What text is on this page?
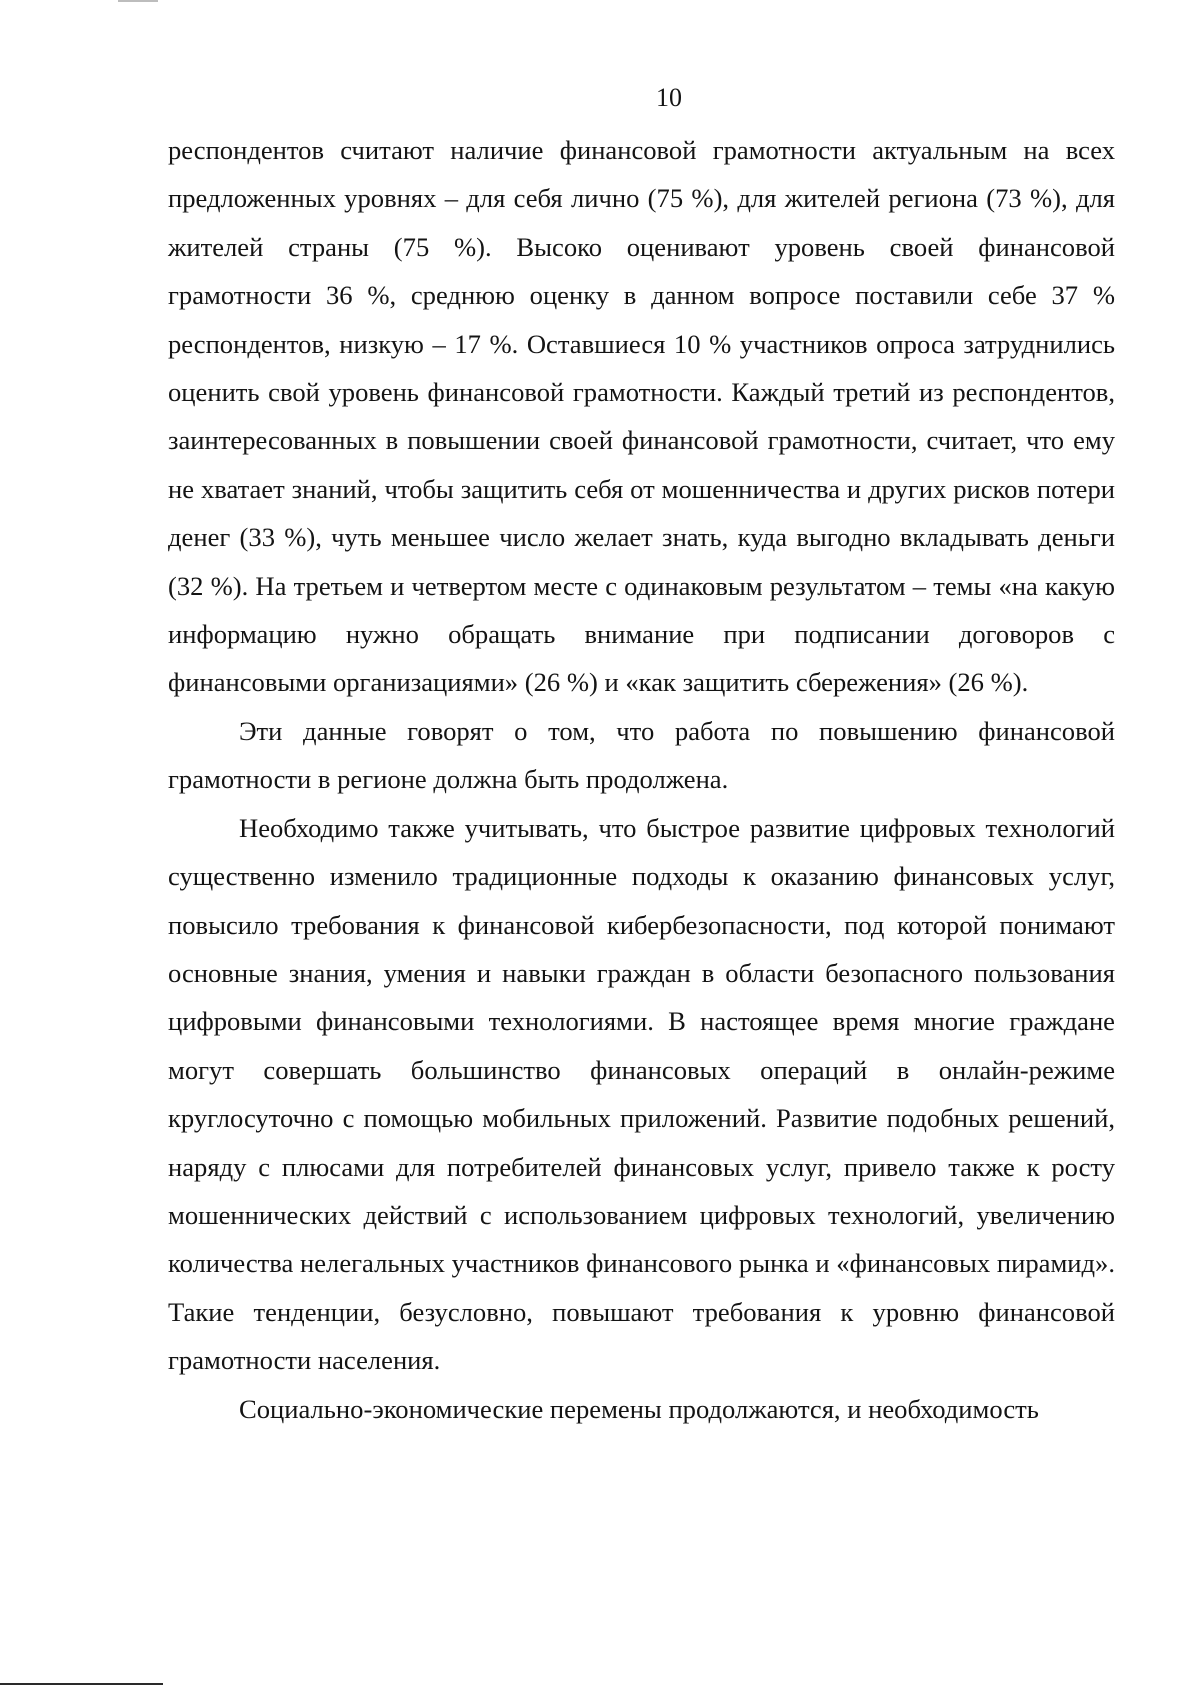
10

респондентов считают наличие финансовой грамотности актуальным на всех предложенных уровнях – для себя лично (75 %), для жителей региона (73 %), для жителей страны (75 %). Высоко оценивают уровень своей финансовой грамотности 36 %, среднюю оценку в данном вопросе поставили себе 37 % респондентов, низкую – 17 %. Оставшиеся 10 % участников опроса затруднились оценить свой уровень финансовой грамотности. Каждый третий из респондентов, заинтересованных в повышении своей финансовой грамотности, считает, что ему не хватает знаний, чтобы защитить себя от мошенничества и других рисков потери денег (33 %), чуть меньшее число желает знать, куда выгодно вкладывать деньги (32 %). На третьем и четвертом месте с одинаковым результатом – темы «на какую информацию нужно обращать внимание при подписании договоров с финансовыми организациями» (26 %) и «как защитить сбережения» (26 %).

Эти данные говорят о том, что работа по повышению финансовой грамотности в регионе должна быть продолжена.

Необходимо также учитывать, что быстрое развитие цифровых технологий существенно изменило традиционные подходы к оказанию финансовых услуг, повысило требования к финансовой кибербезопасности, под которой понимают основные знания, умения и навыки граждан в области безопасного пользования цифровыми финансовыми технологиями. В настоящее время многие граждане могут совершать большинство финансовых операций в онлайн-режиме круглосуточно с помощью мобильных приложений. Развитие подобных решений, наряду с плюсами для потребителей финансовых услуг, привело также к росту мошеннических действий с использованием цифровых технологий, увеличению количества нелегальных участников финансового рынка и «финансовых пирамид». Такие тенденции, безусловно, повышают требования к уровню финансовой грамотности населения.

Социально-экономические перемены продолжаются, и необходимость
